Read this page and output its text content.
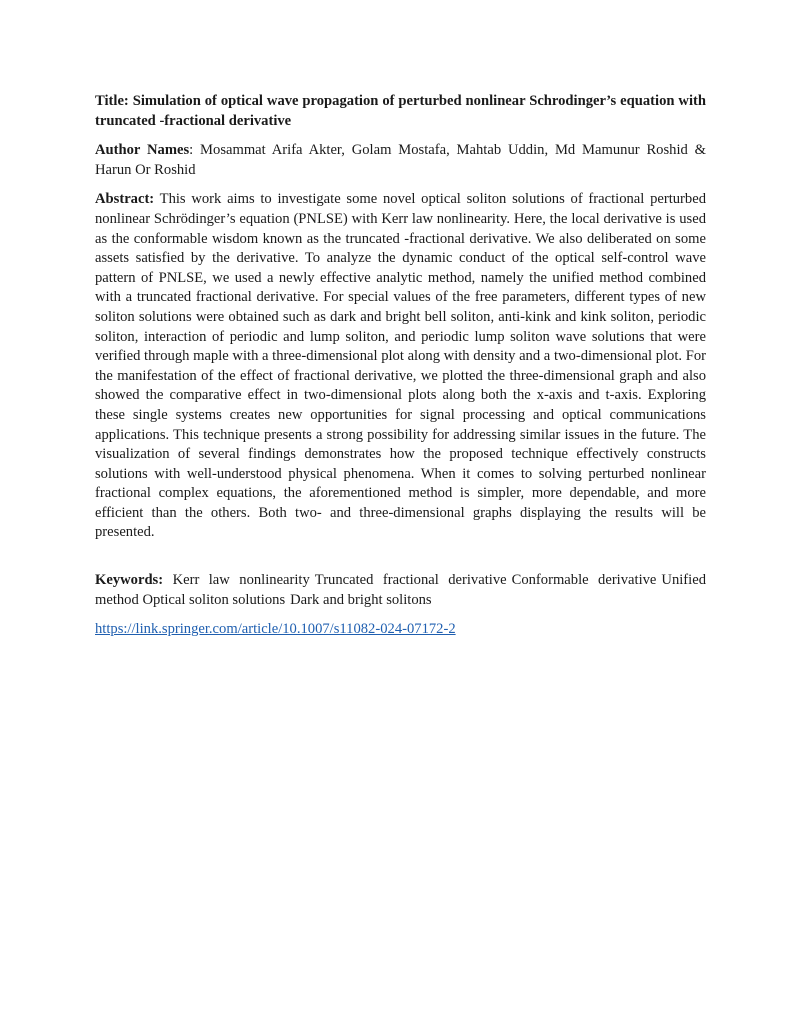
Title: Simulation of optical wave propagation of perturbed nonlinear Schrodinger’s equation with truncated -fractional derivative

Author Names: Mosammat Arifa Akter, Golam Mostafa, Mahtab Uddin, Md Mamunur Roshid & Harun Or Roshid

Abstract: This work aims to investigate some novel optical soliton solutions of fractional perturbed nonlinear Schrödinger’s equation (PNLSE) with Kerr law nonlinearity. Here, the local derivative is used as the conformable wisdom known as the truncated -fractional derivative. We also deliberated on some assets satisfied by the derivative. To analyze the dynamic conduct of the optical self-control wave pattern of PNLSE, we used a newly effective analytic method, namely the unified method combined with a truncated fractional derivative. For special values of the free parameters, different types of new soliton solutions were obtained such as dark and bright bell soliton, anti-kink and kink soliton, periodic soliton, interaction of periodic and lump soliton, and periodic lump soliton wave solutions that were verified through maple with a three-dimensional plot along with density and a two-dimensional plot. For the manifestation of the effect of fractional derivative, we plotted the three-dimensional graph and also showed the comparative effect in two-dimensional plots along both the x-axis and t-axis. Exploring these single systems creates new opportunities for signal processing and optical communications applications. This technique presents a strong possibility for addressing similar issues in the future. The visualization of several findings demonstrates how the proposed technique effectively constructs solutions with well-understood physical phenomena. When it comes to solving perturbed nonlinear fractional complex equations, the aforementioned method is simpler, more dependable, and more efficient than the others. Both two- and three-dimensional graphs displaying the results will be presented.

Keywords: Kerr law nonlinearity Truncated fractional derivative Conformable derivative Unified method Optical soliton solutions Dark and bright solitons

https://link.springer.com/article/10.1007/s11082-024-07172-2
